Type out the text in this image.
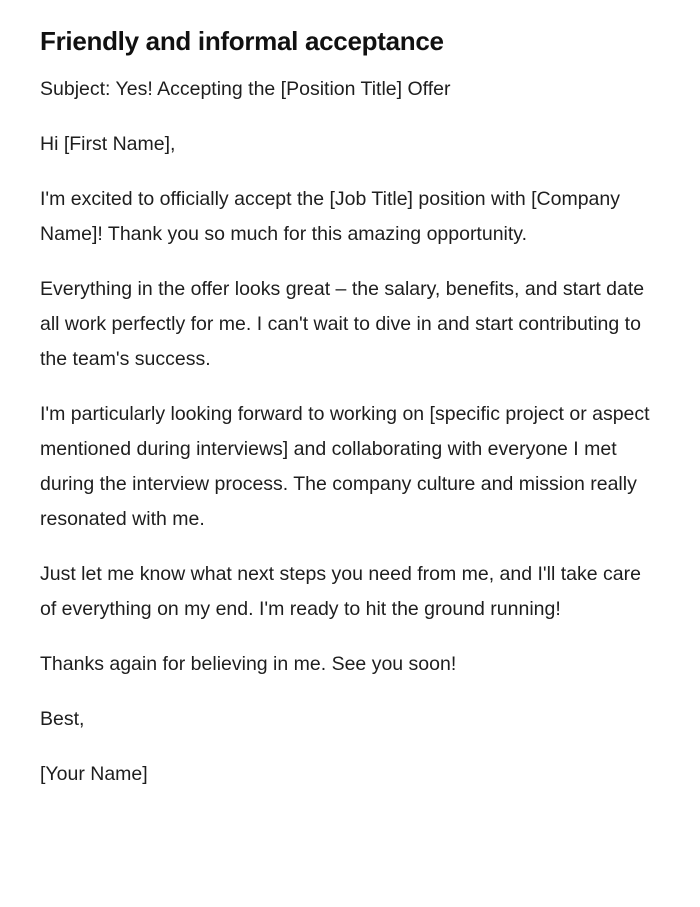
Friendly and informal acceptance

Subject: Yes! Accepting the [Position Title] Offer

Hi [First Name],

I'm excited to officially accept the [Job Title] position with [Company Name]! Thank you so much for this amazing opportunity.

Everything in the offer looks great – the salary, benefits, and start date all work perfectly for me. I can't wait to dive in and start contributing to the team's success.

I'm particularly looking forward to working on [specific project or aspect mentioned during interviews] and collaborating with everyone I met during the interview process. The company culture and mission really resonated with me.

Just let me know what next steps you need from me, and I'll take care of everything on my end. I'm ready to hit the ground running!

Thanks again for believing in me. See you soon!

Best,

[Your Name]
